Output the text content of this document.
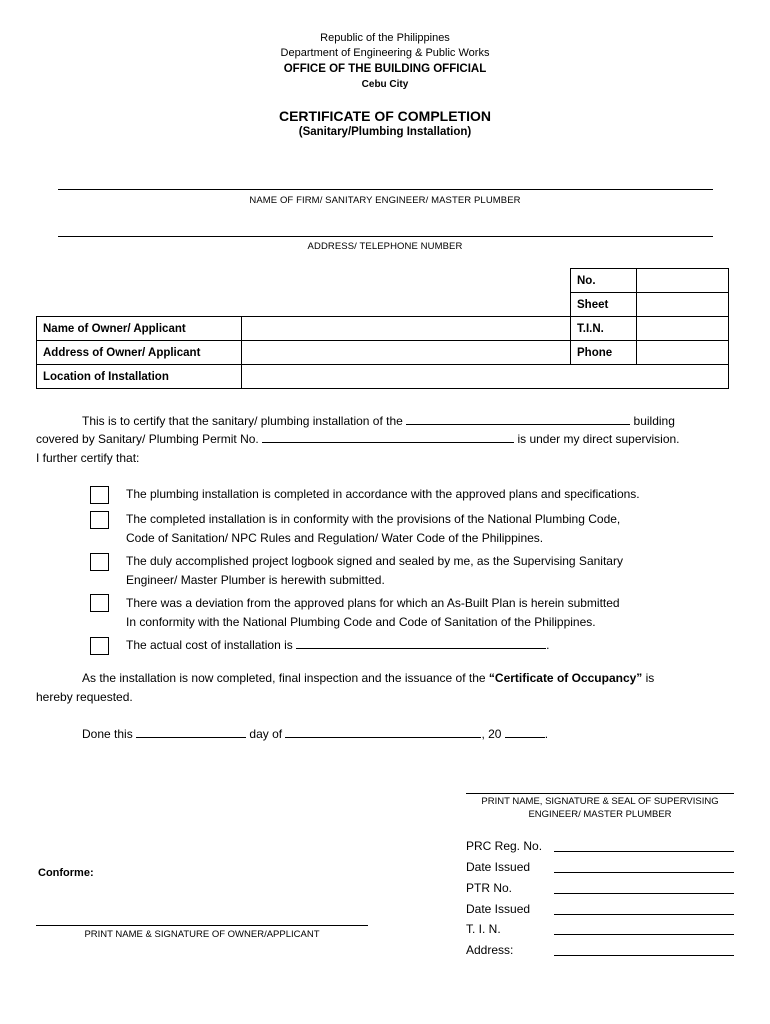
Republic of the Philippines
Department of Engineering & Public Works
OFFICE OF THE BUILDING OFFICIAL
Cebu City
CERTIFICATE OF COMPLETION
(Sanitary/Plumbing Installation)
NAME OF FIRM/ SANITARY ENGINEER/ MASTER PLUMBER
ADDRESS/ TELEPHONE NUMBER
		No.	
		Sheet	
Name of Owner/ Applicant		T.I.N.	
Address of Owner/ Applicant		Phone	
Location of Installation			
This is to certify that the sanitary/ plumbing installation of the	building
covered by Sanitary/ Plumbing Permit No.	is under my direct supervision.
I further certify that:
The plumbing installation is completed in accordance with the approved plans and specifications.
The completed installation is in conformity with the provisions of the National Plumbing Code,
Code of Sanitation/ NPC Rules and Regulation/ Water Code of the Philippines.
The duly accomplished project logbook signed and sealed by me, as the Supervising Sanitary
Engineer/ Master Plumber is herewith submitted.
There was a deviation from the approved plans for which an As-Built Plan is herein submitted
In conformity with the National Plumbing Code and Code of Sanitation of the Philippines.
The actual cost of installation is	.
As the installation is now completed, final inspection and the issuance of the “Certificate of Occupancy” is
hereby requested.
Done this	day of	, 20	.
PRINT NAME, SIGNATURE & SEAL OF SUPERVISING
ENGINEER/ MASTER PLUMBER
PRC Reg. No.
Date Issued
PTR No.
Date Issued
T. I. N.
Address:
Conforme:
PRINT NAME & SIGNATURE OF OWNER/APPLICANT
